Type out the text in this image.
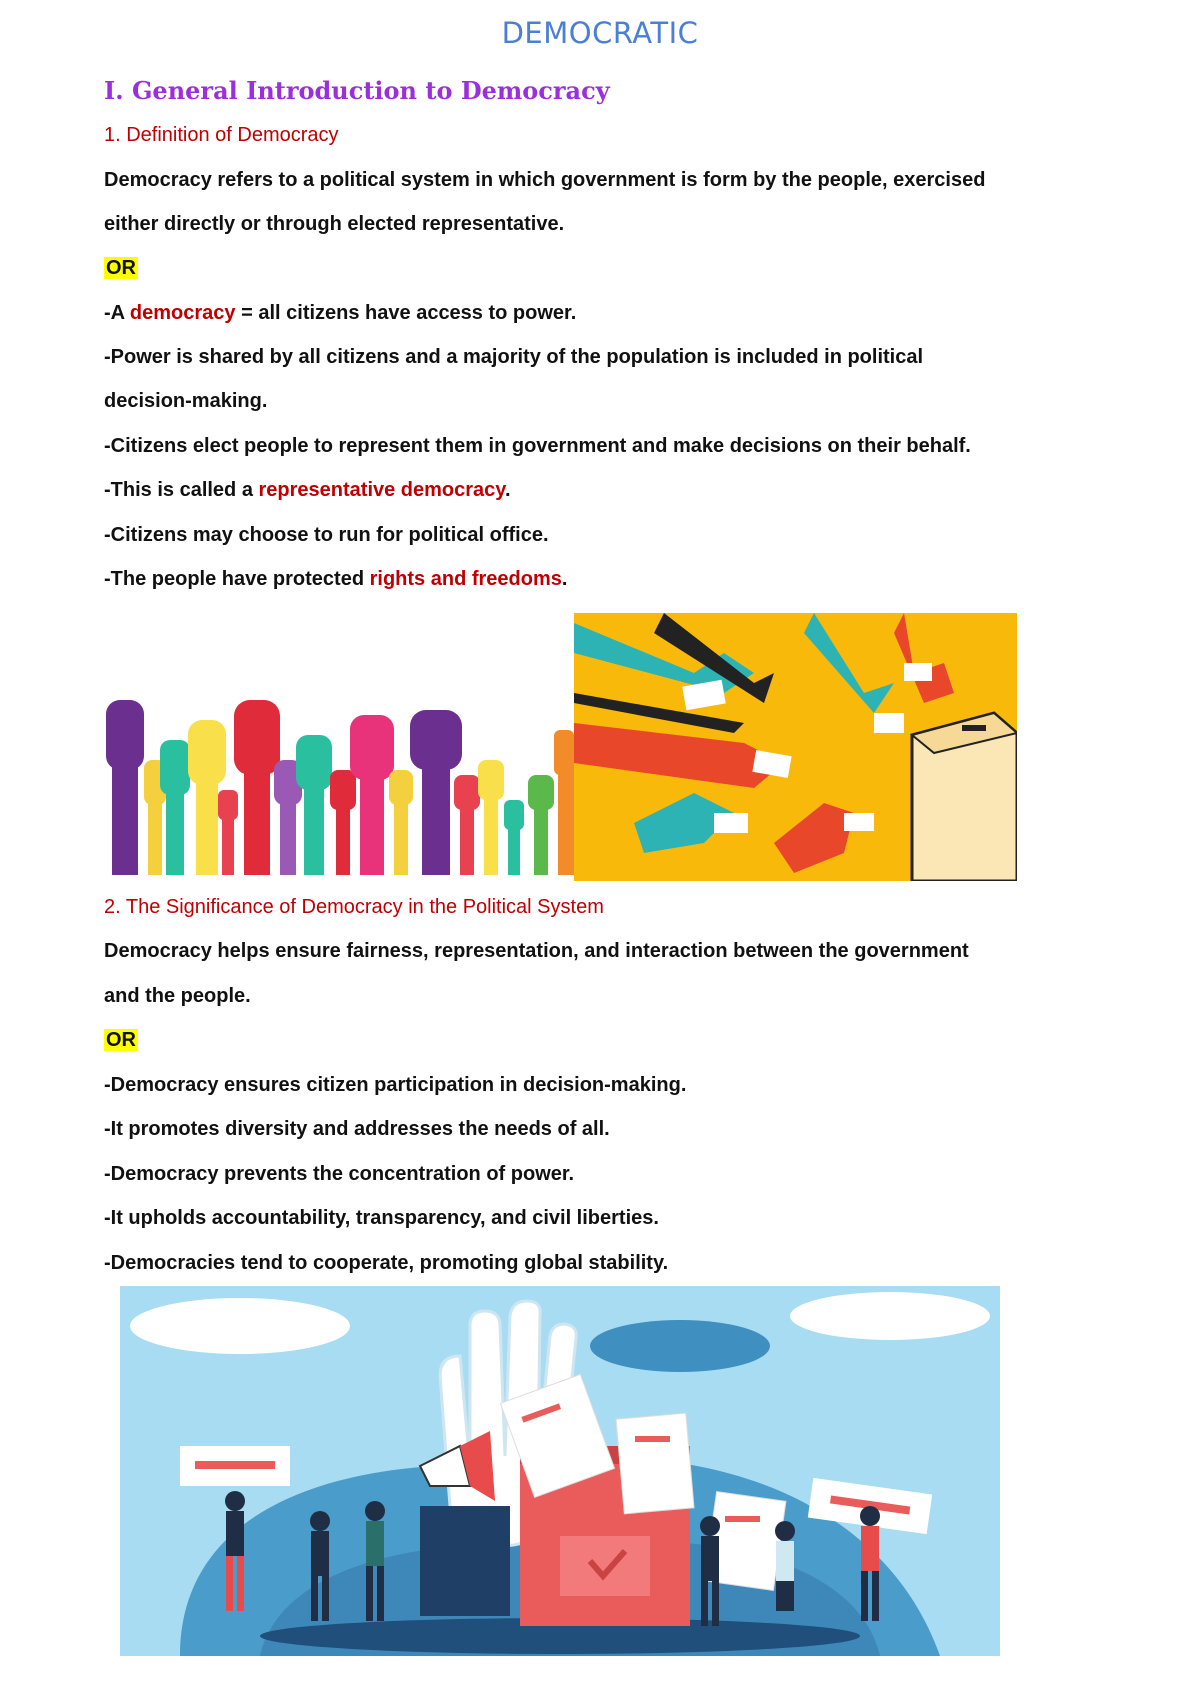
DEMOCRATIC
I. General Introduction to Democracy
1. Definition of Democracy
Democracy refers to a political system in which government is form by the people, exercised
either directly or through elected representative.
OR
-A democracy = all citizens have access to power.
-Power is shared by all citizens and a majority of the population is included in political
decision-making.
-Citizens elect people to represent them in government and make decisions on their behalf.
-This is called a representative democracy.
-Citizens may choose to run for political office.
-The people have protected rights and freedoms.
2. The Significance of Democracy in the Political System
Democracy helps ensure fairness, representation, and interaction between the government
and the people.
OR
-Democracy ensures citizen participation in decision-making.
-It promotes diversity and addresses the needs of all.
-Democracy prevents the concentration of power.
-It upholds accountability, transparency, and civil liberties.
-Democracies tend to cooperate, promoting global stability.
